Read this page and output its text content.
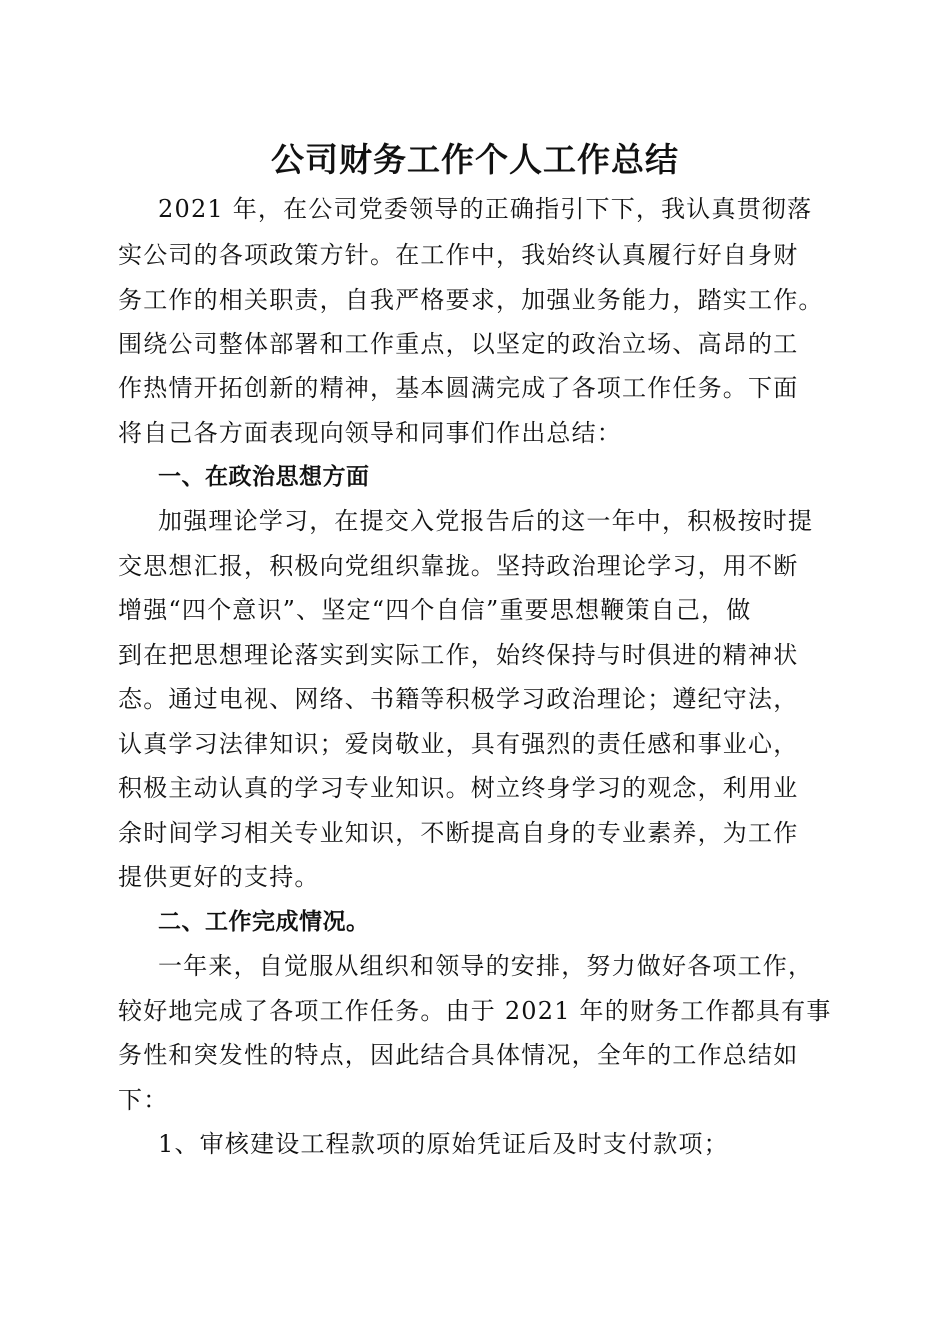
公司财务工作个人工作总结
2021 年，在公司党委领导的正确指引下下，我认真贯彻落
实公司的各项政策方针。在工作中，我始终认真履行好自身财
务工作的相关职责，自我严格要求，加强业务能力，踏实工作。
围绕公司整体部署和工作重点，以坚定的政治立场、高昂的工
作热情开拓创新的精神，基本圆满完成了各项工作任务。下面
将自己各方面表现向领导和同事们作出总结：
一、在政治思想方面
加强理论学习，在提交入党报告后的这一年中，积极按时提
交思想汇报，积极向党组织靠拢。坚持政治理论学习，用不断
增强“四个意识”、坚定“四个自信”重要思想鞭策自己，做
到在把思想理论落实到实际工作，始终保持与时俱进的精神状
态。通过电视、网络、书籍等积极学习政治理论；遵纪守法，
认真学习法律知识；爱岗敬业，具有强烈的责任感和事业心，
积极主动认真的学习专业知识。树立终身学习的观念，利用业
余时间学习相关专业知识，不断提高自身的专业素养，为工作
提供更好的支持。
二、工作完成情况。
一年来，自觉服从组织和领导的安排，努力做好各项工作，
较好地完成了各项工作任务。由于 2021 年的财务工作都具有事
务性和突发性的特点，因此结合具体情况，全年的工作总结如
下：
1、审核建设工程款项的原始凭证后及时支付款项；
